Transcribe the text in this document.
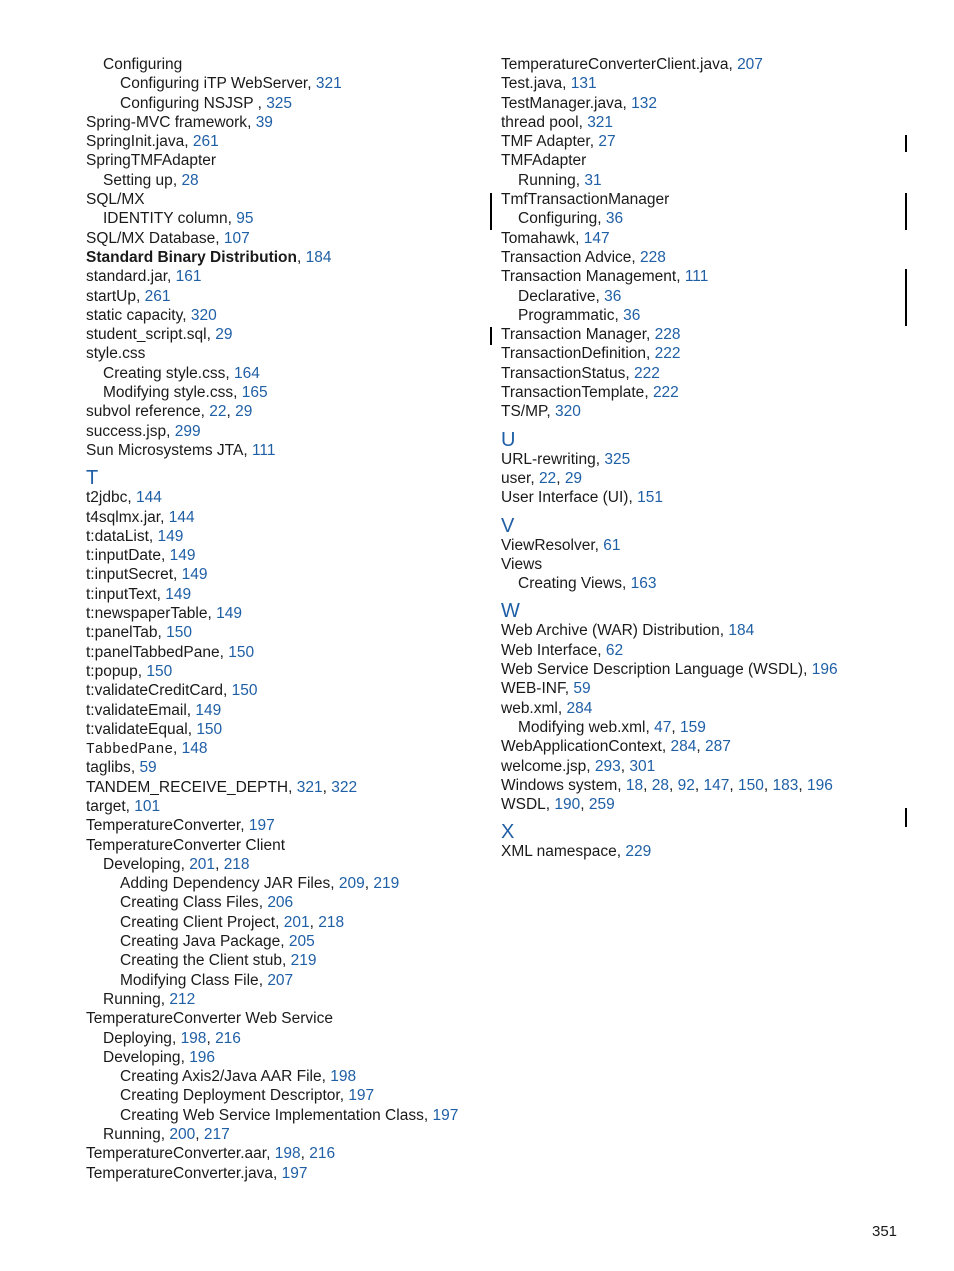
Configuring
Configuring iTP WebServer, 321
Configuring NSJSP , 325
Spring-MVC framework, 39
SpringInit.java, 261
SpringTMFAdapter
Setting up, 28
SQL/MX
IDENTITY column, 95
SQL/MX Database, 107
Standard Binary Distribution, 184
standard.jar, 161
startUp, 261
static capacity, 320
student_script.sql, 29
style.css
Creating style.css, 164
Modifying style.css, 165
subvol reference, 22, 29
success.jsp, 299
Sun Microsystems JTA, 111
T
t2jdbc, 144
t4sqlmx.jar, 144
t:dataList, 149
t:inputDate, 149
t:inputSecret, 149
t:inputText, 149
t:newspaperTable, 149
t:panelTab, 150
t:panelTabbedPane, 150
t:popup, 150
t:validateCreditCard, 150
t:validateEmail, 149
t:validateEqual, 150
TabbedPane, 148
taglibs, 59
TANDEM_RECEIVE_DEPTH, 321, 322
target, 101
TemperatureConverter, 197
TemperatureConverter Client
Developing, 201, 218
Adding Dependency JAR Files, 209, 219
Creating Class Files, 206
Creating Client Project, 201, 218
Creating Java Package, 205
Creating the Client stub, 219
Modifying Class File, 207
Running, 212
TemperatureConverter Web Service
Deploying, 198, 216
Developing, 196
Creating Axis2/Java AAR File, 198
Creating Deployment Descriptor, 197
Creating Web Service Implementation Class, 197
Running, 200, 217
TemperatureConverter.aar, 198, 216
TemperatureConverter.java, 197
TemperatureConverterClient.java, 207
Test.java, 131
TestManager.java, 132
thread pool, 321
TMF Adapter, 27
TMFAdapter
Running, 31
TmfTransactionManager
Configuring, 36
Tomahawk, 147
Transaction Advice, 228
Transaction Management, 111
Declarative, 36
Programmatic, 36
Transaction Manager, 228
TransactionDefinition, 222
TransactionStatus, 222
TransactionTemplate, 222
TS/MP, 320
U
URL-rewriting, 325
user, 22, 29
User Interface (UI), 151
V
ViewResolver, 61
Views
Creating Views, 163
W
Web Archive (WAR) Distribution, 184
Web Interface, 62
Web Service Description Language (WSDL), 196
WEB-INF, 59
web.xml, 284
Modifying web.xml, 47, 159
WebApplicationContext, 284, 287
welcome.jsp, 293, 301
Windows system, 18, 28, 92, 147, 150, 183, 196
WSDL, 190, 259
X
XML namespace, 229
351
